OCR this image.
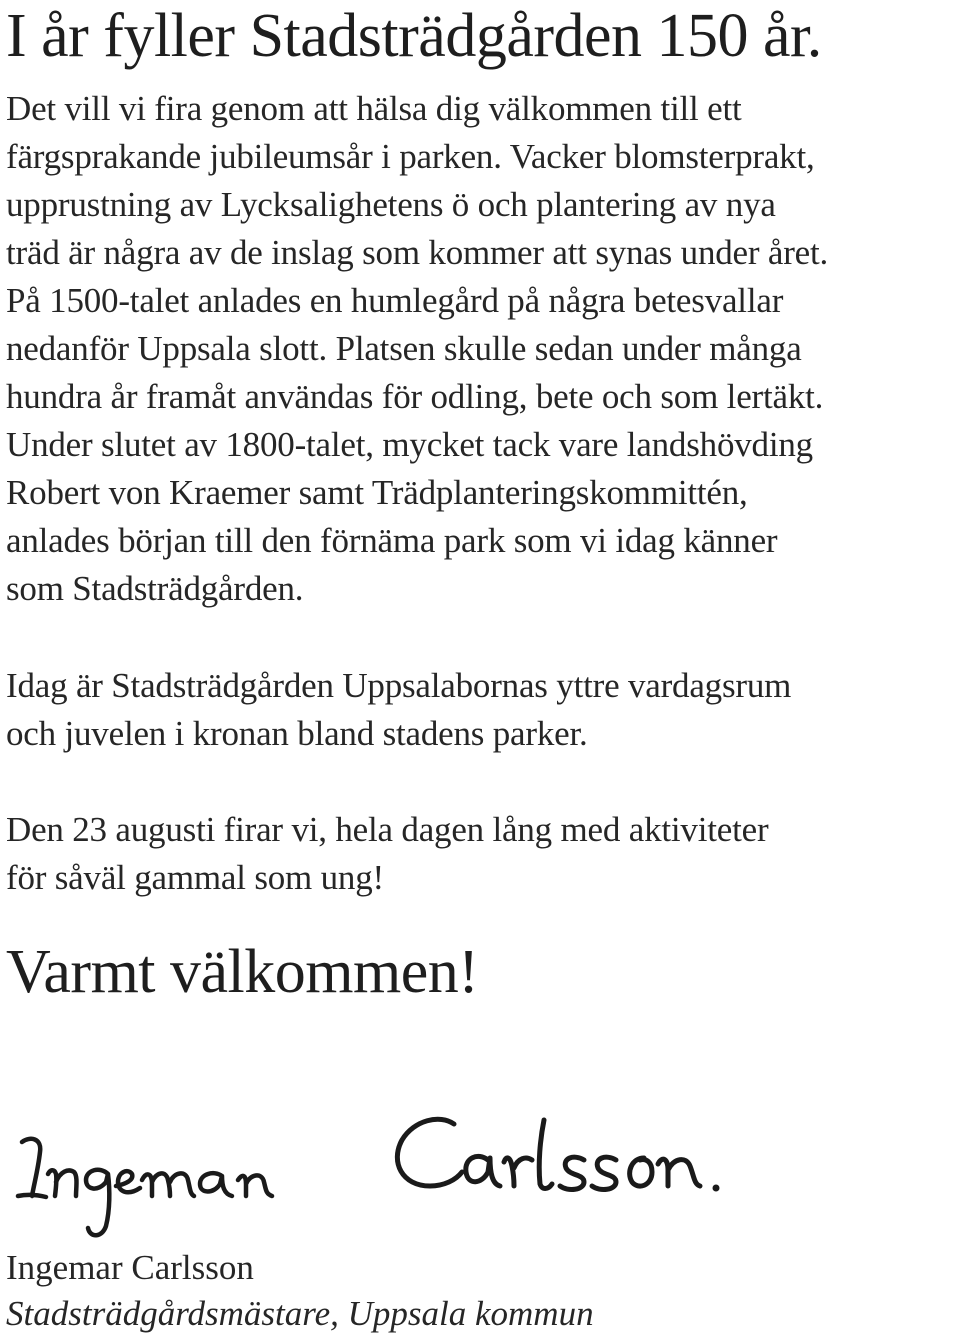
I år fyller Stadsträdgården 150 år.

Det vill vi fira genom att hälsa dig välkommen till ett
färgsprakande jubileumsår i parken. Vacker blomsterprakt,
upprustning av Lycksalighetens ö och plantering av nya
träd är några av de inslag som kommer att synas under året.
På 1500-talet anlades en humlegård på några betesvallar
nedanför Uppsala slott. Platsen skulle sedan under många
hundra år framåt användas för odling, bete och som lertäkt.
Under slutet av 1800-talet, mycket tack vare landshövding
Robert von Kraemer samt Trädplanteringskommittén,
anlades början till den förnäma park som vi idag känner
som Stadsträdgården.

Idag är Stadsträdgården Uppsalabornas yttre vardagsrum
och juvelen i kronan bland stadens parker.

Den 23 augusti firar vi, hela dagen lång med aktiviteter
för såväl gammal som ung!

Varmt välkommen!

Ingemar Carlsson

Stadsträdgårdsmästare, Uppsala kommun
